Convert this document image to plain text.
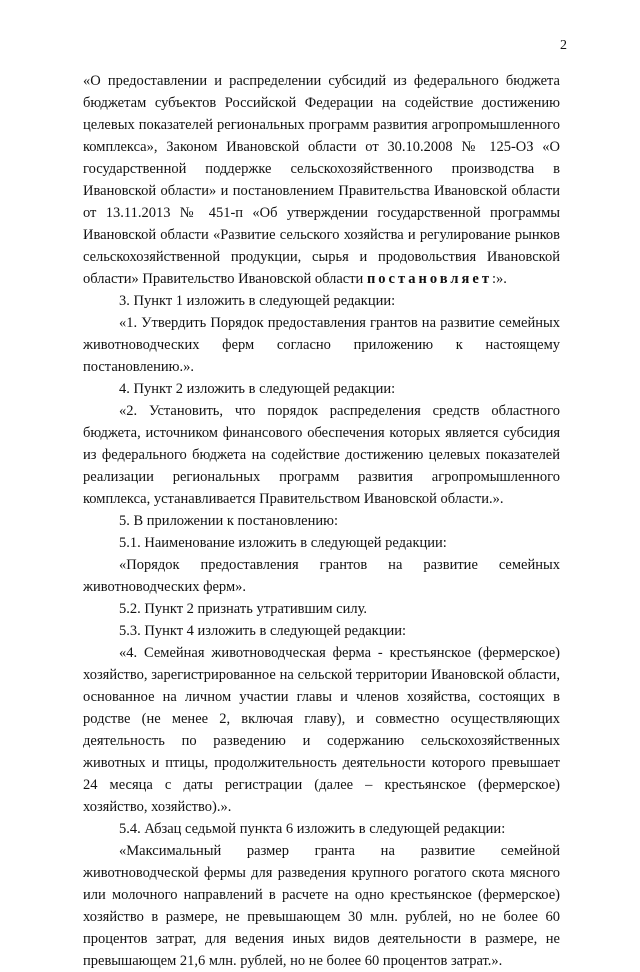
2

«О предоставлении и распределении субсидий из федерального бюджета бюджетам субъектов Российской Федерации на содействие достижению целевых показателей региональных программ развития агропромышленного комплекса», Законом Ивановской области от 30.10.2008 № 125-ОЗ «О государственной поддержке сельскохозяйственного производства в Ивановской области» и постановлением Правительства Ивановской области от 13.11.2013 № 451-п «Об утверждении государственной программы Ивановской области «Развитие сельского хозяйства и регулирование рынков сельскохозяйственной продукции, сырья и продовольствия Ивановской области» Правительство Ивановской области постановляет:».

3. Пункт 1 изложить в следующей редакции:

«1. Утвердить Порядок предоставления грантов на развитие семейных животноводческих ферм согласно приложению к настоящему постановлению.».

4. Пункт 2 изложить в следующей редакции:

«2. Установить, что порядок распределения средств областного бюджета, источником финансового обеспечения которых является субсидия из федерального бюджета на содействие достижению целевых показателей реализации региональных программ развития агропромышленного комплекса, устанавливается Правительством Ивановской области.».

5. В приложении к постановлению:

5.1. Наименование изложить в следующей редакции:

«Порядок предоставления грантов на развитие семейных животноводческих ферм».

5.2. Пункт 2 признать утратившим силу.

5.3. Пункт 4 изложить в следующей редакции:

«4. Семейная животноводческая ферма - крестьянское (фермерское) хозяйство, зарегистрированное на сельской территории Ивановской области, основанное на личном участии главы и членов хозяйства, состоящих в родстве (не менее 2, включая главу), и совместно осуществляющих деятельность по разведению и содержанию сельскохозяйственных животных и птицы, продолжительность деятельности которого превышает 24 месяца с даты регистрации (далее – крестьянское (фермерское) хозяйство, хозяйство).».

5.4. Абзац седьмой пункта 6 изложить в следующей редакции:

«Максимальный размер гранта на развитие семейной животноводческой фермы для разведения крупного рогатого скота мясного или молочного направлений в расчете на одно крестьянское (фермерское) хозяйство в размере, не превышающем 30 млн. рублей, но не более 60 процентов затрат, для ведения иных видов деятельности в размере, не превышающем 21,6 млн. рублей, но не более 60 процентов затрат.».
